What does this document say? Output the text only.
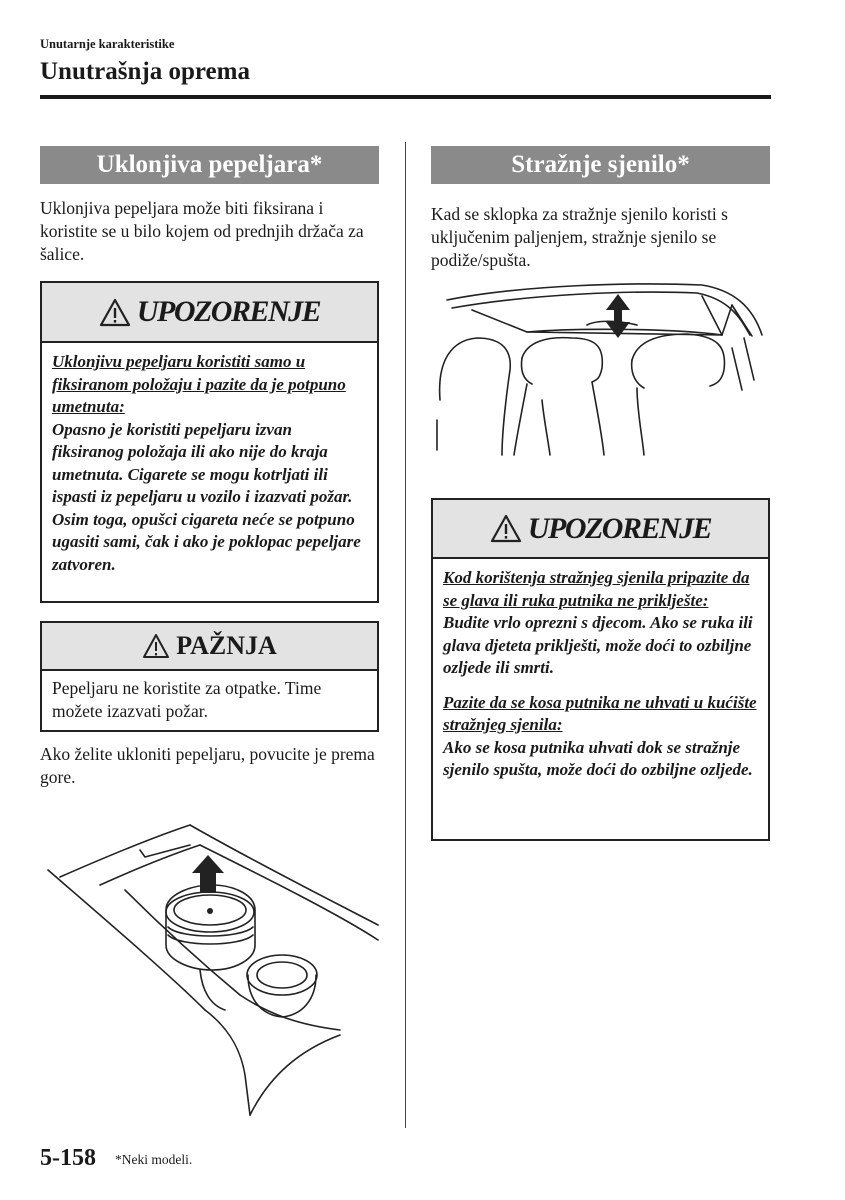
Unutarnje karakteristike
Unutrašnja oprema
Uklonjiva pepeljara*
Uklonjiva pepeljara može biti fiksirana i koristite se u bilo kojem od prednjih držača za šalice.
UPOZORENJE
Uklonjivu pepeljaru koristiti samo u fiksiranom položaju i pazite da je potpuno umetnuta:
Opasno je koristiti pepeljaru izvan fiksiranog položaja ili ako nije do kraja umetnuta. Cigarete se mogu kotrljati ili ispasti iz pepeljaru u vozilo i izazvati požar. Osim toga, opušci cigareta neće se potpuno ugasiti sami, čak i ako je poklopac pepeljare zatvoren.
PAŽNJA
Pepeljaru ne koristite za otpatke. Time možete izazvati požar.
Ako želite ukloniti pepeljaru, povucite je prema gore.
Stražnje sjenilo*
Kad se sklopka za stražnje sjenilo koristi s uključenim paljenjem, stražnje sjenilo se podiže/spušta.
UPOZORENJE
Kod korištenja stražnjeg sjenila pripazite da se glava ili ruka putnika ne priklješte:
Budite vrlo oprezni s djecom. Ako se ruka ili glava djeteta priklješti, može doći to ozbiljne ozljede ili smrti.
Pazite da se kosa putnika ne uhvati u kućište stražnjeg sjenila:
Ako se kosa putnika uhvati dok se stražnje sjenilo spušta, može doći do ozbiljne ozljede.
5-158 *Neki modeli.
